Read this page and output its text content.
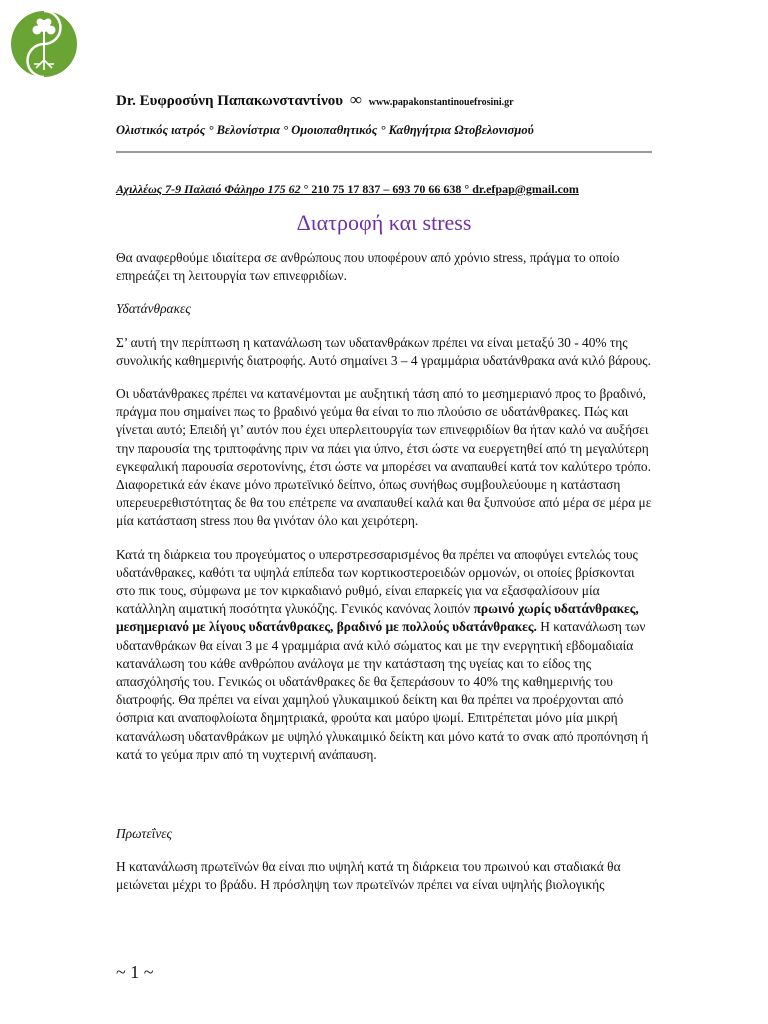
Dr. Ευφροσύνη Παπακωνσταντίνου ∞ www.papakonstantinouefrosini.gr
Ολιστικός ιατρός ° Βελονίστρια ° Ομοιοπαθητικός ° Καθηγήτρια Ωτοβελονισμού
Αχιλλέως 7-9 Παλαιό Φάληρο 175 62 ° 210 75 17 837 – 693 70 66 638 ° dr.efpap@gmail.com
Διατροφή και stress

Θα αναφερθούμε ιδιαίτερα σε ανθρώπους που υποφέρουν από χρόνιο stress, πράγμα το οποίο επηρεάζει τη λειτουργία των επινεφριδίων.

Υδατάνθρακες

Σ’ αυτή την περίπτωση η κατανάλωση των υδατανθράκων πρέπει να είναι μεταξύ 30 - 40% της συνολικής καθημερινής διατροφής. Αυτό σημαίνει 3 – 4 γραμμάρια υδατάνθρακα ανά κιλό βάρους.

Οι υδατάνθρακες πρέπει να κατανέμονται με αυξητική τάση από το μεσημεριανό προς το βραδινό, πράγμα που σημαίνει πως το βραδινό γεύμα θα είναι το πιο πλούσιο σε υδατάνθρακες. Πώς και γίνεται αυτό; Επειδή γι’ αυτόν που έχει υπερλειτουργία των επινεφριδίων θα ήταν καλό να αυξήσει την παρουσία της τριπτοφάνης πριν να πάει για ύπνο, έτσι ώστε να ευεργετηθεί από τη μεγαλύτερη εγκεφαλική παρουσία σεροτονίνης, έτσι ώστε να μπορέσει να αναπαυθεί κατά τον καλύτερο τρόπο. Διαφορετικά εάν έκανε μόνο πρωτεϊνικό δείπνο, όπως συνήθως συμβουλεύουμε η κατάσταση υπερευερεθιστότητας δε θα του επέτρεπε να αναπαυθεί καλά και θα ξυπνούσε από μέρα σε μέρα με μία κατάσταση stress που θα γινόταν όλο και χειρότερη.

Κατά τη διάρκεια του προγεύματος ο υπερστρεσσαρισμένος θα πρέπει να αποφύγει εντελώς τους υδατάνθρακες, καθότι τα υψηλά επίπεδα των κορτικοστεροειδών ορμονών, οι οποίες βρίσκονται στο πικ τους, σύμφωνα με τον κιρκαδιανό ρυθμό, είναι επαρκείς για να εξασφαλίσουν μία κατάλληλη αιματική ποσότητα γλυκόζης. Γενικός κανόνας λοιπόν πρωινό χωρίς υδατάνθρακες, μεσημεριανό με λίγους υδατάνθρακες, βραδινό με πολλούς υδατάνθρακες. Η κατανάλωση των υδατανθράκων θα είναι 3 με 4 γραμμάρια ανά κιλό σώματος και με την ενεργητική εβδομαδιαία κατανάλωση του κάθε ανθρώπου ανάλογα με την κατάσταση της υγείας και το είδος της απασχόλησής του. Γενικώς οι υδατάνθρακες δε θα ξεπεράσουν το 40% της καθημερινής του διατροφής. Θα πρέπει να είναι χαμηλού γλυκαιμικού δείκτη και θα πρέπει να προέρχονται από όσπρια και αναποφλοίωτα δημητριακά, φρούτα και μαύρο ψωμί. Επιτρέπεται μόνο μία μικρή κατανάλωση υδατανθράκων με υψηλό γλυκαιμικό δείκτη και μόνο κατά το σνακ από προπόνηση ή κατά το γεύμα πριν από τη νυχτερινή ανάπαυση.

Πρωτεΐνες

Η κατανάλωση πρωτεϊνών θα είναι πιο υψηλή κατά τη διάρκεια του πρωινού και σταδιακά θα μειώνεται μέχρι το βράδυ. Η πρόσληψη των πρωτεϊνών πρέπει να είναι υψηλής βιολογικής

~ 1 ~
